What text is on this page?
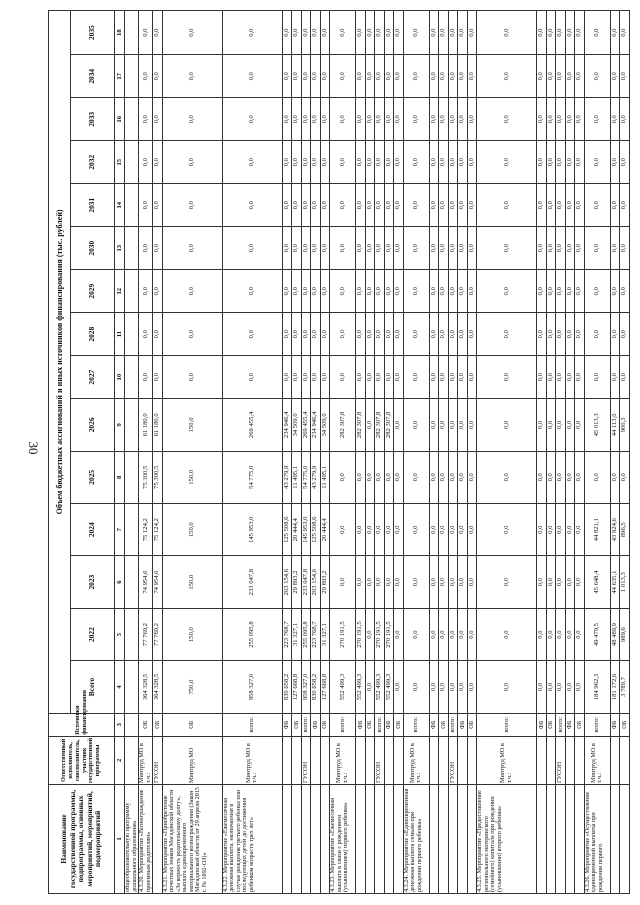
30
Наименование государственной программы, подпрограммы, основных мероприятий, мероприятий, подмероприятий	Ответственный исполнитель, соисполнитель, участник государственной программы	Источники финансирования	Объем бюджетных ассигнований и иных источников финансирования (тыс. рублей)														
			Всего	2022	2023	2024	2025	2026	2027	2028	2029	2030	2031	2032	2033	2034	2035
1	2	3	4	5	6	7	8	9	10	11	12	13	14	15	16	17	18
общеобразовательную программу дошкольного образования»																	
4.3.20. Мероприятие «Вознаграждение приемным родителям»	Минтруд МО в т.ч.:	ОБ	364 328,5	77 769,2	74 954,6	75 124,2	75 300,5	61 180,0	0,0	0,0	0,0	0,0	0,0	0,0	0,0	0,0	0,0
	ГУСОН	ОБ	364 328,5	77 769,2	74 954,6	75 124,2	75 300,5	61 180,0	0,0	0,0	0,0	0,0	0,0	0,0	0,0	0,0	0,0
4.3.21. Мероприятие «Приобретение почетных знаков Магаданской области «За верность родительскому долгу», выплата единовременного материального вознаграждения (Закон Магаданской области от 29 апреля 2015 г. № 1892-ОЗ)»	Минтруд МО	ОБ	750,0	150,0	150,0	150,0	150,0	150,0	0,0	0,0	0,0	0,0	0,0	0,0	0,0	0,0	0,0
4.3.22. Мероприятие «Ежемесячная денежная выплата, назначаемая в случае рождения третьего ребенка или последующих детей до достижения ребенком возраста трех лет»	Минтруд МО в т.ч.:	всего:	958 327,0	255 095,8	233 047,8	145 953,0	54 775,0	269 455,4	0,0	0,0	0,0	0,0	0,0	0,0	0,0	0,0	0,0
		ФБ	830 658,2	223 768,7	203 154,6	125 508,6	43 279,9	234 946,4	0,0	0,0	0,0	0,0	0,0	0,0	0,0	0,0	0,0
		ОБ	127 668,8	31 327,1	29 893,2	20 444,4	11 495,1	34 509,0	0,0	0,0	0,0	0,0	0,0	0,0	0,0	0,0	0,0
	ГУСОН	всего:	958 327,0	255 095,8	233 047,8	145 953,0	54 775,0	269 455,4	0,0	0,0	0,0	0,0	0,0	0,0	0,0	0,0	0,0
		ФБ	830 658,2	223 768,7	203 154,6	125 508,6	43 279,9	234 946,4	0,0	0,0	0,0	0,0	0,0	0,0	0,0	0,0	0,0
		ОБ	127 668,8	31 327,1	29 893,2	20 444,4	11 495,1	34 509,0	0,0	0,0	0,0	0,0	0,0	0,0	0,0	0,0	0,0
4.3.23. Мероприятие «Ежемесячная выплата в связи с рождением (усыновлением) первого ребенка»	Минтруд МО в т.ч.:	всего:	552 499,3	270 191,5	0,0	0,0	0,0	282 307,8	0,0	0,0	0,0	0,0	0,0	0,0	0,0	0,0	0,0
		ФБ	552 499,3	270 191,5	0,0	0,0	0,0	282 307,8	0,0	0,0	0,0	0,0	0,0	0,0	0,0	0,0	0,0
		ОБ	0,0	0,0	0,0	0,0	0,0	0,0	0,0	0,0	0,0	0,0	0,0	0,0	0,0	0,0	0,0
	ГУСОН	всего:	552 499,3	270 191,5	0,0	0,0	0,0	282 307,8	0,0	0,0	0,0	0,0	0,0	0,0	0,0	0,0	0,0
		ФБ	552 499,3	270 191,5	0,0	0,0	0,0	282 307,8	0,0	0,0	0,0	0,0	0,0	0,0	0,0	0,0	0,0
		ОБ	0,0	0,0	0,0	0,0	0,0	0,0	0,0	0,0	0,0	0,0	0,0	0,0	0,0	0,0	0,0
4.3.24. Мероприятие «Единовременная денежная выплата семьям при рождении первого ребенка»	Минтруд МО в т.ч.:	всего:	0,0	0,0	0,0	0,0	0,0	0,0	0,0	0,0	0,0	0,0	0,0	0,0	0,0	0,0	0,0
		ФБ	0,0	0,0	0,0	0,0	0,0	0,0	0,0	0,0	0,0	0,0	0,0	0,0	0,0	0,0	0,0
		ОБ	0,0	0,0	0,0	0,0	0,0	0,0	0,0	0,0	0,0	0,0	0,0	0,0	0,0	0,0	0,0
	ГУСОН	всего:	0,0	0,0	0,0	0,0	0,0	0,0	0,0	0,0	0,0	0,0	0,0	0,0	0,0	0,0	0,0
		ФБ	0,0	0,0	0,0	0,0	0,0	0,0	0,0	0,0	0,0	0,0	0,0	0,0	0,0	0,0	0,0
		ОБ	0,0	0,0	0,0	0,0	0,0	0,0	0,0	0,0	0,0	0,0	0,0	0,0	0,0	0,0	0,0
4.3.25. Мероприятие «Предоставление регионального материнского (семейного) капитала при рождении (усыновлении) второго ребенка»	Минтруд МО в т.ч.:	всего:	0,0	0,0	0,0	0,0	0,0	0,0	0,0	0,0	0,0	0,0	0,0	0,0	0,0	0,0	0,0
		ФБ	0,0	0,0	0,0	0,0	0,0	0,0	0,0	0,0	0,0	0,0	0,0	0,0	0,0	0,0	0,0
		ОБ	0,0	0,0	0,0	0,0	0,0	0,0	0,0	0,0	0,0	0,0	0,0	0,0	0,0	0,0	0,0
	ГУСОН	всего:	0,0	0,0	0,0	0,0	0,0	0,0	0,0	0,0	0,0	0,0	0,0	0,0	0,0	0,0	0,0
		ФБ	0,0	0,0	0,0	0,0	0,0	0,0	0,0	0,0	0,0	0,0	0,0	0,0	0,0	0,0	0,0
		ОБ	0,0	0,0	0,0	0,0	0,0	0,0	0,0	0,0	0,0	0,0	0,0	0,0	0,0	0,0	0,0
4.3.26. Мероприятие «Осуществление единовременной выплаты при рождении первого	Минтруд МО в т.ч.:	всего:	184 962,3	49 479,5	45 648,4	44 821,1	0,0	45 013,3	0,0	0,0	0,0	0,0	0,0	0,0	0,0	0,0	0,0
		ФБ	181 172,6	48 489,9	44 635,1	43 924,6	0,0	44 113,0	0,0	0,0	0,0	0,0	0,0	0,0	0,0	0,0	0,0
		ОБ	3 789,7	989,6	1 013,3	896,5	0,0	900,3	0,0	0,0	0,0	0,0	0,0	0,0	0,0	0,0	0,0
